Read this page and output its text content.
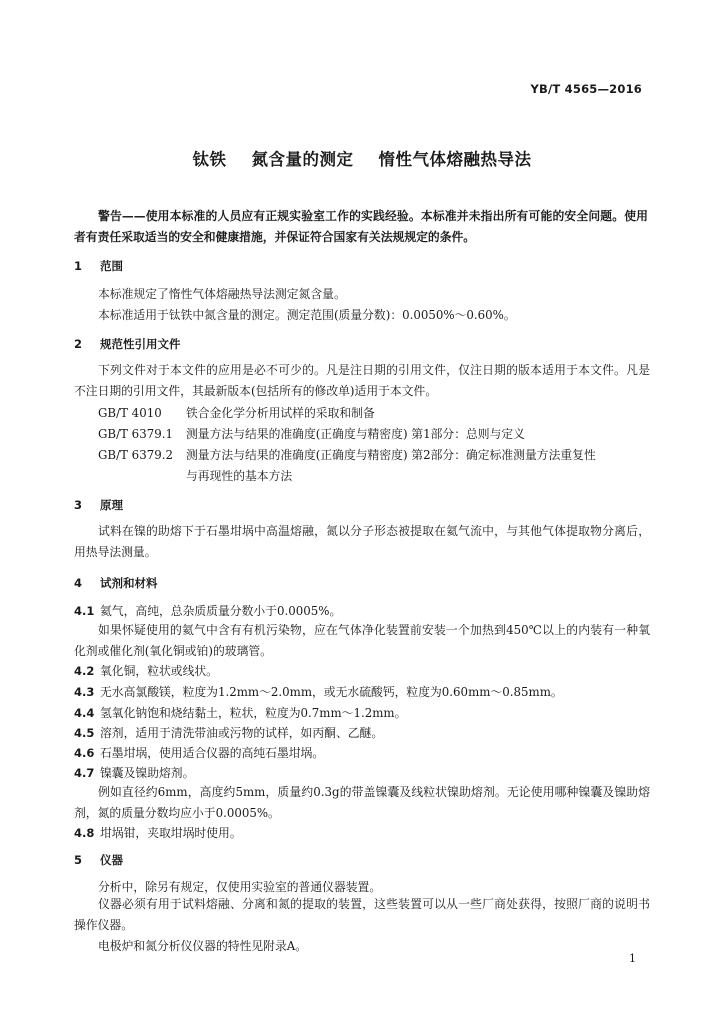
YB/T 4565—2016
钛铁    氮含量的测定    惰性气体熔融热导法
警告——使用本标准的人员应有正规实验室工作的实践经验。本标准并未指出所有可能的安全问题。使用者有责任采取适当的安全和健康措施，并保证符合国家有关法规规定的条件。
1 范围
本标准规定了惰性气体熔融热导法测定氮含量。
本标准适用于钛铁中氮含量的测定。测定范围(质量分数)：0.0050%～0.60%。
2 规范性引用文件
下列文件对于本文件的应用是必不可少的。凡是注日期的引用文件，仅注日期的版本适用于本文件。凡是不注日期的引用文件，其最新版本(包括所有的修改单)适用于本文件。
GB/T 4010 铁合金化学分析用试样的采取和制备
GB/T 6379.1 测量方法与结果的准确度(正确度与精密度) 第1部分：总则与定义
GB/T 6379.2 测量方法与结果的准确度(正确度与精密度) 第2部分：确定标准测量方法重复性
与再现性的基本方法
3 原理
试料在镍的助熔下于石墨坩埚中高温熔融，氮以分子形态被提取在氦气流中，与其他气体提取物分离后，用热导法测量。
4 试剂和材料
4.1 氦气，高纯，总杂质质量分数小于0.0005%。
如果怀疑使用的氦气中含有有机污染物，应在气体净化装置前安装一个加热到450℃以上的内装有一种氧化剂或催化剂(氧化铜或铂)的玻璃管。
4.2 氧化铜，粒状或线状。
4.3 无水高氯酸镁，粒度为1.2mm～2.0mm，或无水硫酸钙，粒度为0.60mm～0.85mm。
4.4 氢氧化钠饱和烧结黏土，粒状，粒度为0.7mm～1.2mm。
4.5 溶剂，适用于清洗带油或污物的试样，如丙酮、乙醚。
4.6 石墨坩埚，使用适合仪器的高纯石墨坩埚。
4.7 镍囊及镍助熔剂。
例如直径约6mm，高度约5mm，质量约0.3g的带盖镍囊及线粒状镍助熔剂。无论使用哪种镍囊及镍助熔剂，氮的质量分数均应小于0.0005%。
4.8 坩埚钳，夹取坩埚时使用。
5 仪器
分析中，除另有规定，仅使用实验室的普通仪器装置。
仪器必须有用于试料熔融、分离和氮的提取的装置，这些装置可以从一些厂商处获得，按照厂商的说明书操作仪器。
电极炉和氮分析仪仪器的特性见附录A。
1
